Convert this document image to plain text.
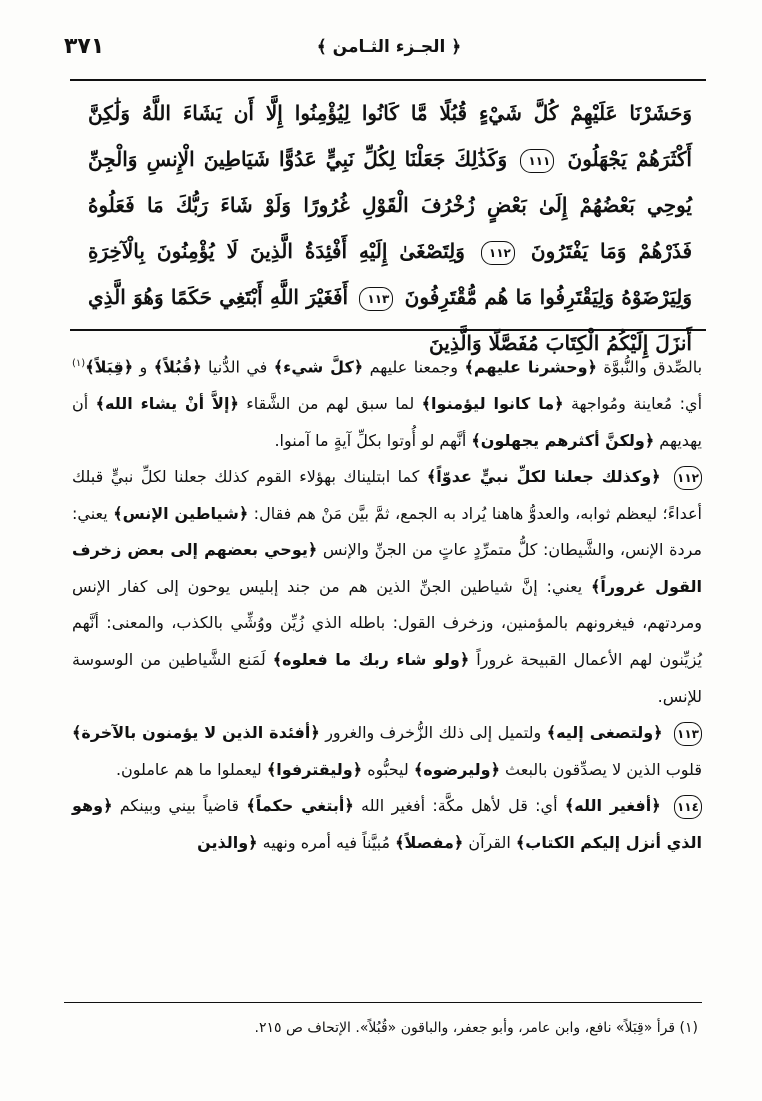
٣٧١	﴿ الجـزء الثـامن ﴾
وَحَشَرْنَا عَلَيْهِمْ كُلَّ شَيْءٍ قُبُلًا مَّا كَانُوا لِيُؤْمِنُوا إِلَّا أَن يَشَاءَ اللَّهُ وَلَٰكِنَّ أَكْثَرَهُمْ يَجْهَلُونَ ١١١ وَكَذَٰلِكَ جَعَلْنَا لِكُلِّ نَبِيٍّ عَدُوًّا شَيَاطِينَ الْإِنسِ وَالْجِنِّ يُوحِي بَعْضُهُمْ إِلَىٰ بَعْضٍ زُخْرُفَ الْقَوْلِ غُرُورًا وَلَوْ شَاءَ رَبُّكَ مَا فَعَلُوهُ فَذَرْهُمْ وَمَا يَفْتَرُونَ ١١٢ وَلِتَصْغَىٰ إِلَيْهِ أَفْئِدَةُ الَّذِينَ لَا يُؤْمِنُونَ بِالْآخِرَةِ وَلِيَرْضَوْهُ وَلِيَقْتَرِفُوا مَا هُم مُّقْتَرِفُونَ ١١٣ أَفَغَيْرَ اللَّهِ أَبْتَغِي حَكَمًا وَهُوَ الَّذِي أَنزَلَ إِلَيْكُمُ الْكِتَابَ مُفَصَّلًا وَالَّذِينَ

بالصِّدق والنُّبوَّة ﴿وحشرنا عليهم﴾ وجمعنا عليهم ﴿كلَّ شيء﴾ في الدُّنيا ﴿قُبُلاً﴾ و ﴿قِبَلاً﴾$^{(١)}$ أي: مُعاينة ومُواجهة ﴿ما كانوا ليؤمنوا﴾ لما سبق لهم من الشَّقاء ﴿إلاَّ أنْ يشاء الله﴾ أن يهديهم ﴿ولكنَّ أكثرهم يجهلون﴾ أنَّهم لو أُوتوا بكلِّ آيةٍ ما آمنوا.

١١٢ ﴿وكذلك جعلنا لكلِّ نبيٍّ عدوّاً﴾ كما ابتليناك بهؤلاء القوم كذلك جعلنا لكلِّ نبيٍّ قبلك أعداءً؛ ليعظم ثوابه، والعدوُّ هاهنا يُراد به الجمع، ثمَّ بيَّن مَنْ هم فقال: ﴿شياطين الإنس﴾ يعني: مردة الإنس، والشَّيطان: كلُّ متمرِّدٍ عاتٍ من الجنِّ والإنس ﴿يوحي بعضهم إلى بعض زخرف القول غروراً﴾ يعني: إنَّ شياطين الجنِّ الذين هم من جند إبليس يوحون إلى كفار الإنس ومردتهم، فيغرونهم بالمؤمنين، وزخرف القول: باطله الذي زُيِّن ووُشِّي بالكذب، والمعنى: أنَّهم يُزيِّنون لهم الأعمال القبيحة غروراً ﴿ولو شاء ربك ما فعلوه﴾ لَمَنع الشَّياطين من الوسوسة للإنس.

١١٣ ﴿ولتصغى إليه﴾ ولتميل إلى ذلك الزُّخرف والغرور ﴿أفئدة الذين لا يؤمنون بالآخرة﴾ قلوب الذين لا يصدِّقون بالبعث ﴿وليرضوه﴾ ليحبُّوه ﴿وليقترفوا﴾ ليعملوا ما هم عاملون.

١١٤ ﴿أفغير الله﴾ أي: قل لأهل مكَّة: أفغير الله ﴿أبتغي حكماً﴾ قاضياً بيني وبينكم ﴿وهو الذي أنزل إليكم الكتاب﴾ القرآن ﴿مفصلاً﴾ مُبيَّناً فيه أمره ونهيه ﴿والذين

(١) قرأ «قِبَلاً» نافع، وابن عامر، وأبو جعفر، والباقون «قُبُلاً». الإتحاف ص ٢١٥.
